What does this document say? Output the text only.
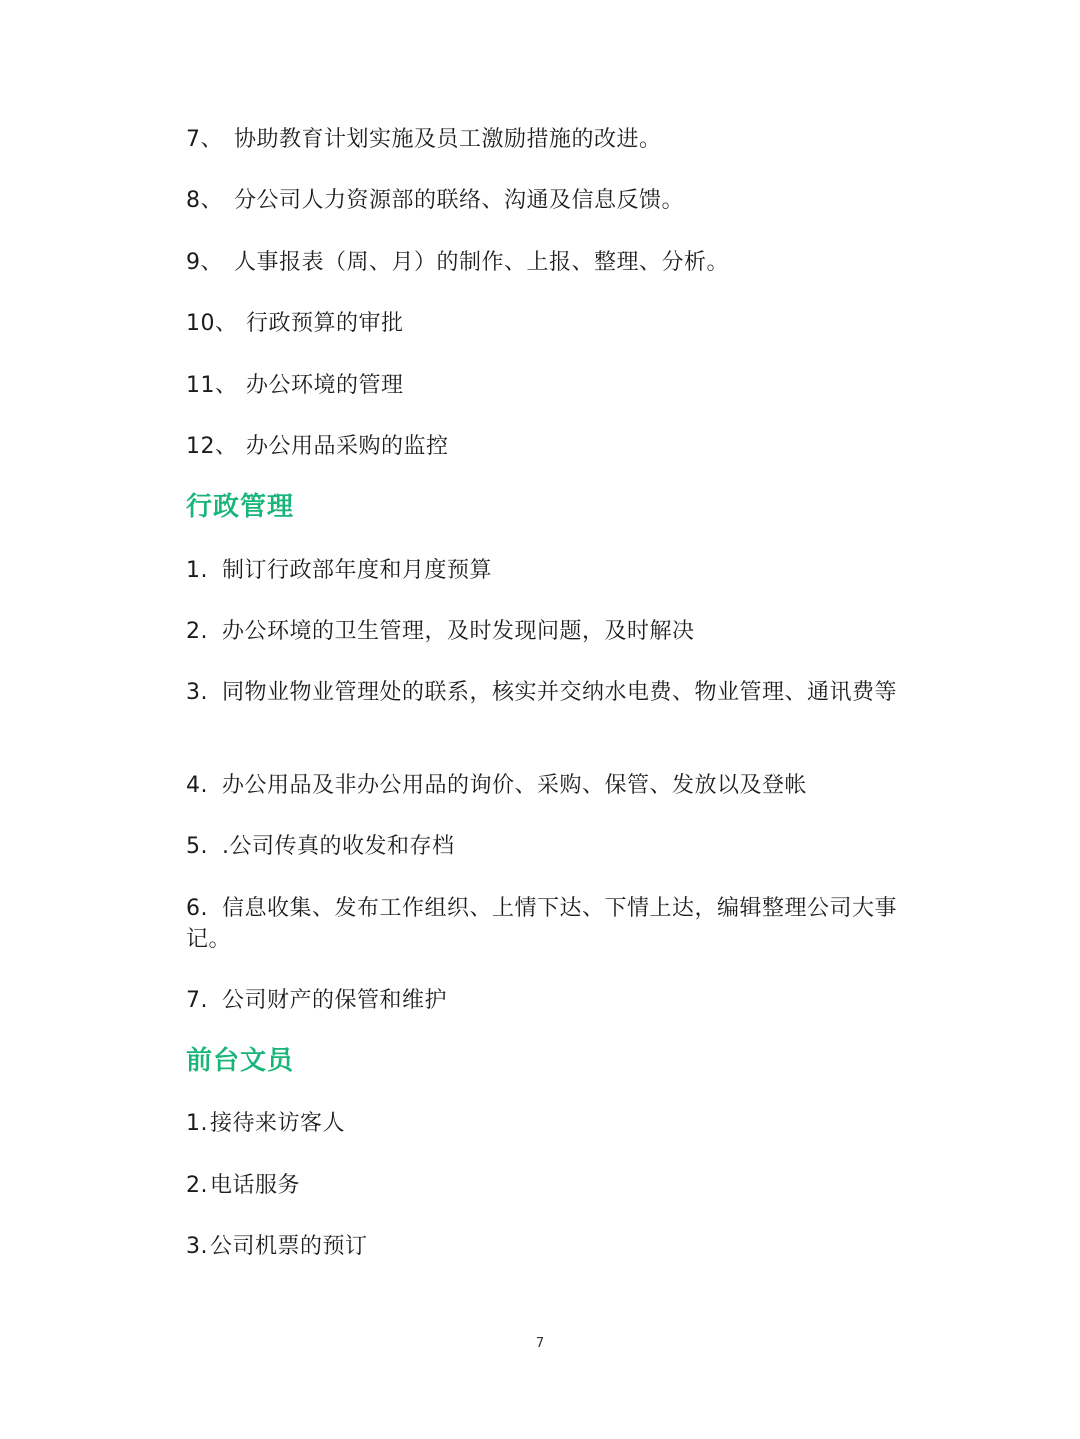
7、 协助教育计划实施及员工激励措施的改进。
8、 分公司人力资源部的联络、沟通及信息反馈。
9、 人事报表（周、月）的制作、上报、整理、分析。
10、 行政预算的审批
11、 办公环境的管理
12、 办公用品采购的监控
行政管理
1. 制订行政部年度和月度预算
2. 办公环境的卫生管理，及时发现问题，及时解决
3. 同物业物业管理处的联系，核实并交纳水电费、物业管理、通讯费等
4. 办公用品及非办公用品的询价、采购、保管、发放以及登帐
5. .公司传真的收发和存档
6. 信息收集、发布工作组织、上情下达、下情上达，编辑整理公司大事记。
7. 公司财产的保管和维护
前台文员
1.接待来访客人
2.电话服务
3.公司机票的预订
7
